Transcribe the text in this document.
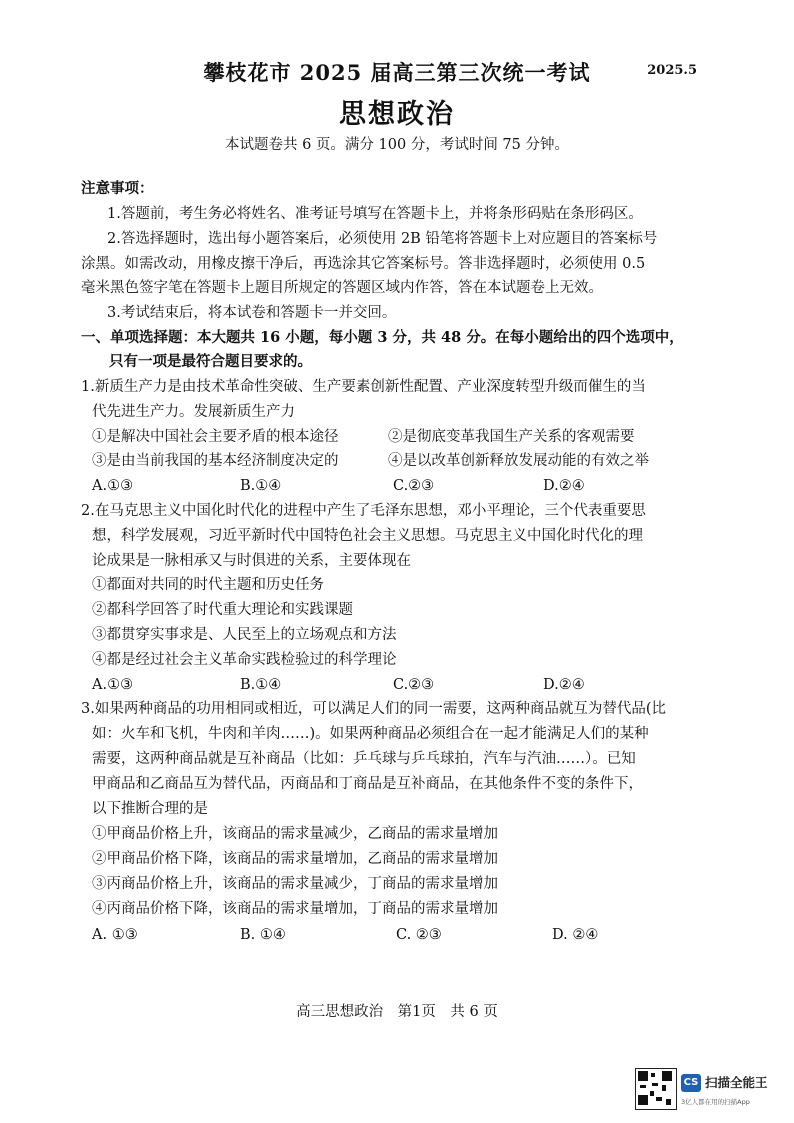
攀枝花市 2025 届高三第三次统一考试	2025.5
思想政治
本试题卷共 6 页。满分 100 分，考试时间 75 分钟。
注意事项：
1.答题前，考生务必将姓名、准考证号填写在答题卡上，并将条形码贴在条形码区。
2.答选择题时，选出每小题答案后，必须使用 2B 铅笔将答题卡上对应题目的答案标号
涂黑。如需改动，用橡皮擦干净后，再选涂其它答案标号。答非选择题时，必须使用 0.5
毫米黑色签字笔在答题卡上题目所规定的答题区域内作答，答在本试题卷上无效。
3.考试结束后，将本试卷和答题卡一并交回。
一、单项选择题：本大题共 16 小题，每小题 3 分，共 48 分。在每小题给出的四个选项中，
只有一项是最符合题目要求的。
1.新质生产力是由技术革命性突破、生产要素创新性配置、产业深度转型升级而催生的当
代先进生产力。发展新质生产力
①是解决中国社会主要矛盾的根本途径	②是彻底变革我国生产关系的客观需要
③是由当前我国的基本经济制度决定的	④是以改革创新释放发展动能的有效之举
A.①③	B.①④	C.②③	D.②④
2.在马克思主义中国化时代化的进程中产生了毛泽东思想，邓小平理论，三个代表重要思
想，科学发展观，习近平新时代中国特色社会主义思想。马克思主义中国化时代化的理
论成果是一脉相承又与时俱进的关系，主要体现在
①都面对共同的时代主题和历史任务
②都科学回答了时代重大理论和实践课题
③都贯穿实事求是、人民至上的立场观点和方法
④都是经过社会主义革命实践检验过的科学理论
A.①③	B.①④	C.②③	D.②④
3.如果两种商品的功用相同或相近，可以满足人们的同一需要，这两种商品就互为替代品(比
如：火车和飞机，牛肉和羊肉……)。如果两种商品必须组合在一起才能满足人们的某种
需要，这两种商品就是互补商品（比如：乒乓球与乒乓球拍，汽车与汽油……）。已知
甲商品和乙商品互为替代品，丙商品和丁商品是互补商品，在其他条件不变的条件下，
以下推断合理的是
①甲商品价格上升，该商品的需求量减少，乙商品的需求量增加
②甲商品价格下降，该商品的需求量增加，乙商品的需求量增加
③丙商品价格上升，该商品的需求量减少，丁商品的需求量增加
④丙商品价格下降，该商品的需求量增加，丁商品的需求量增加
A. ①③	B. ①④	C. ②③	D. ②④
高三思想政治　第1页　共 6 页
CS 扫描全能王
3亿人都在用的扫描App
